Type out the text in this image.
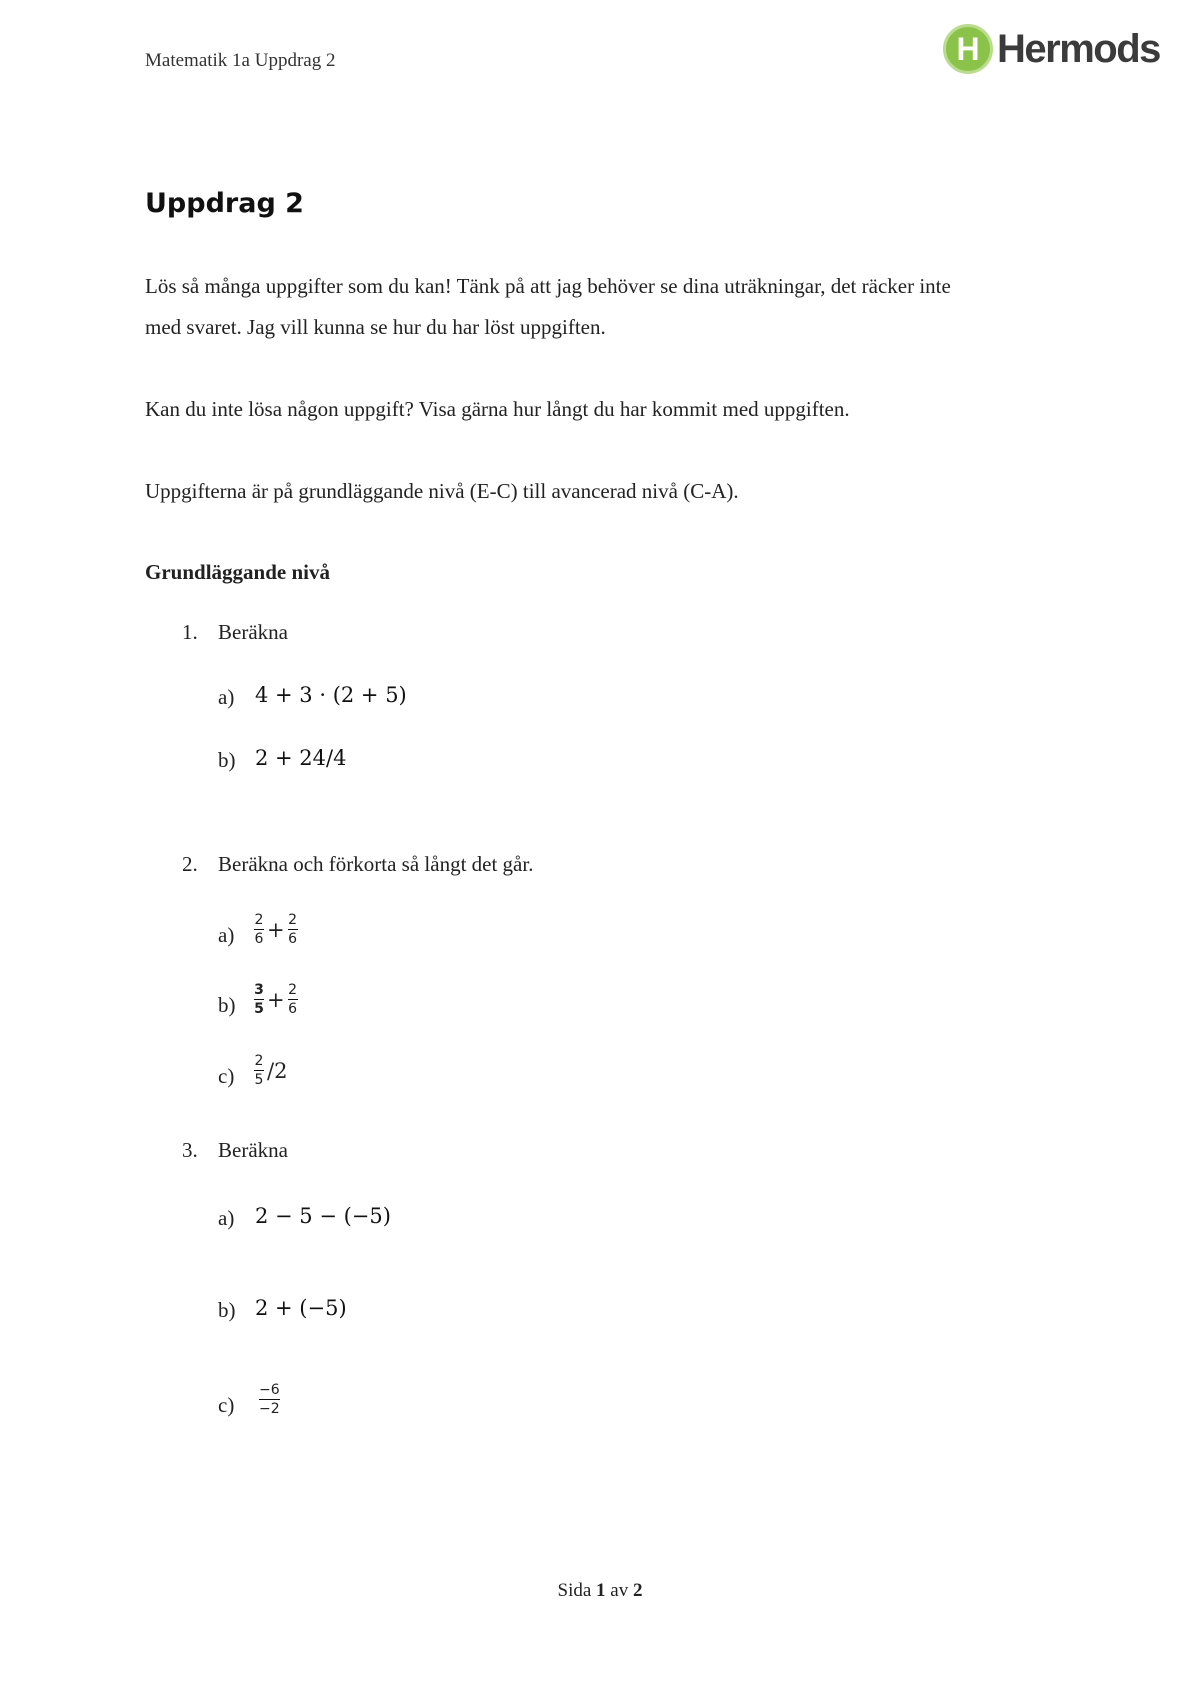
Matematik 1a Uppdrag 2	H Hermods
Uppdrag 2
Lös så många uppgifter som du kan! Tänk på att jag behöver se dina uträkningar, det räcker inte
med svaret. Jag vill kunna se hur du har löst uppgiften.
Kan du inte lösa någon uppgift? Visa gärna hur långt du har kommit med uppgiften.
Uppgifterna är på grundläggande nivå (E-C) till avancerad nivå (C-A).
Grundläggande nivå
1. Beräkna
a) 4 + 3 · (2 + 5)
b) 2 + 24/4
2. Beräkna och förkorta så långt det går.
$a) \frac{2}{6} + \frac{2}{6}$
$b) \frac{3}{5} + \frac{2}{6}$
$c) \frac{2}{5} /2$
3. Beräkna
a) 2 − 5 − (−5)
b) 2 + (−5)
$c) \frac{-6}{-2}$
Sida 1 av 2
